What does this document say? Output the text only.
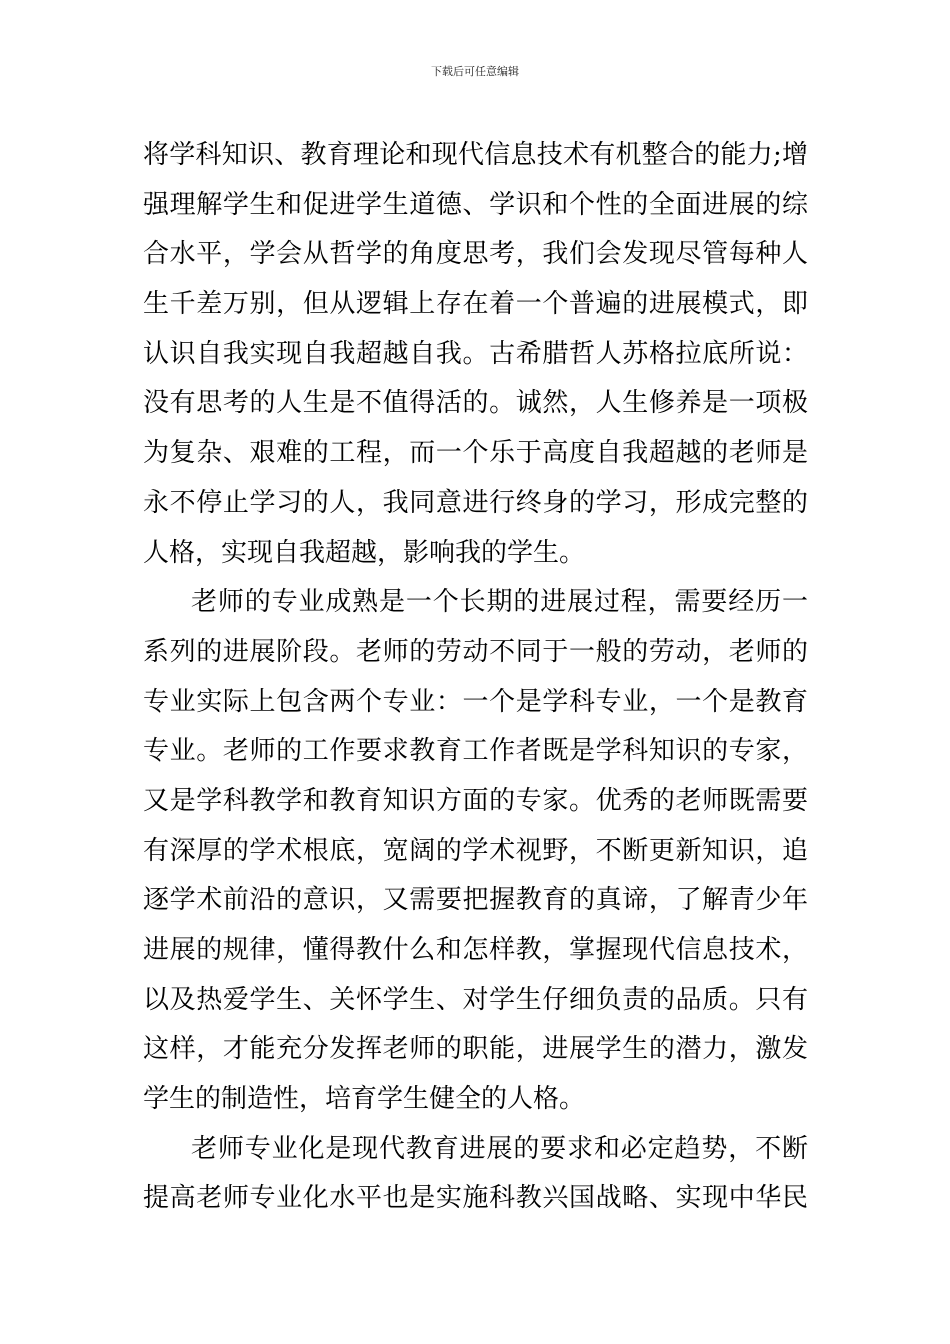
下载后可任意编辑
将学科知识、教育理论和现代信息技术有机整合的能力;增
强理解学生和促进学生道德、学识和个性的全面进展的综
合水平，学会从哲学的角度思考，我们会发现尽管每种人
生千差万别，但从逻辑上存在着一个普遍的进展模式，即
认识自我实现自我超越自我。古希腊哲人苏格拉底所说：
没有思考的人生是不值得活的。诚然，人生修养是一项极
为复杂、艰难的工程，而一个乐于高度自我超越的老师是
永不停止学习的人，我同意进行终身的学习，形成完整的
人格，实现自我超越，影响我的学生。
老师的专业成熟是一个长期的进展过程，需要经历一
系列的进展阶段。老师的劳动不同于一般的劳动，老师的
专业实际上包含两个专业：一个是学科专业，一个是教育
专业。老师的工作要求教育工作者既是学科知识的专家，
又是学科教学和教育知识方面的专家。优秀的老师既需要
有深厚的学术根底，宽阔的学术视野，不断更新知识，追
逐学术前沿的意识，又需要把握教育的真谛，了解青少年
进展的规律，懂得教什么和怎样教，掌握现代信息技术，
以及热爱学生、关怀学生、对学生仔细负责的品质。只有
这样，才能充分发挥老师的职能，进展学生的潜力，激发
学生的制造性，培育学生健全的人格。
老师专业化是现代教育进展的要求和必定趋势，不断
提高老师专业化水平也是实施科教兴国战略、实现中华民
